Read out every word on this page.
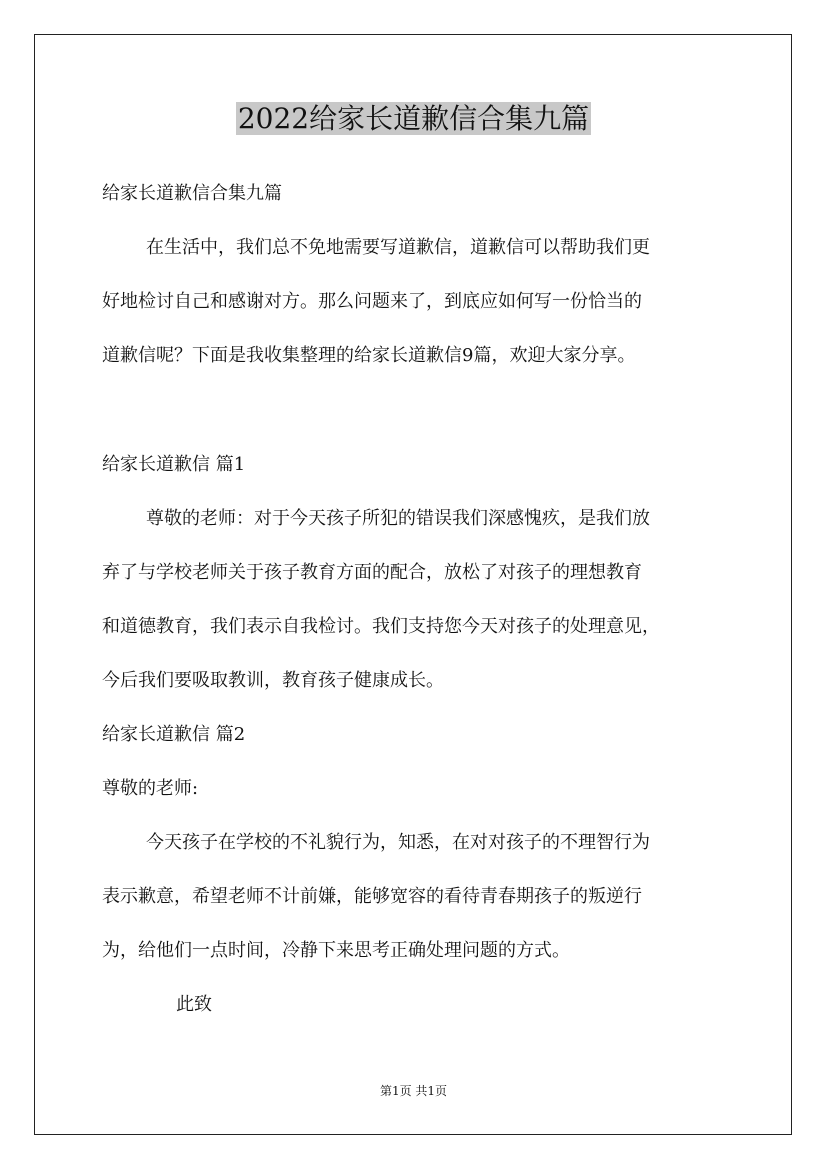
2022给家长道歉信合集九篇
给家长道歉信合集九篇
在生活中，我们总不免地需要写道歉信，道歉信可以帮助我们更
好地检讨自己和感谢对方。那么问题来了，到底应如何写一份恰当的
道歉信呢？下面是我收集整理的给家长道歉信9篇，欢迎大家分享。
给家长道歉信 篇1
尊敬的老师：对于今天孩子所犯的错误我们深感愧疚，是我们放
弃了与学校老师关于孩子教育方面的配合，放松了对孩子的理想教育
和道德教育，我们表示自我检讨。我们支持您今天对孩子的处理意见，
今后我们要吸取教训，教育孩子健康成长。
给家长道歉信 篇2
尊敬的老师:
今天孩子在学校的不礼貌行为，知悉，在对对孩子的不理智行为
表示歉意，希望老师不计前嫌，能够宽容的看待青春期孩子的叛逆行
为，给他们一点时间，冷静下来思考正确处理问题的方式。
此致
第1页 共1页
